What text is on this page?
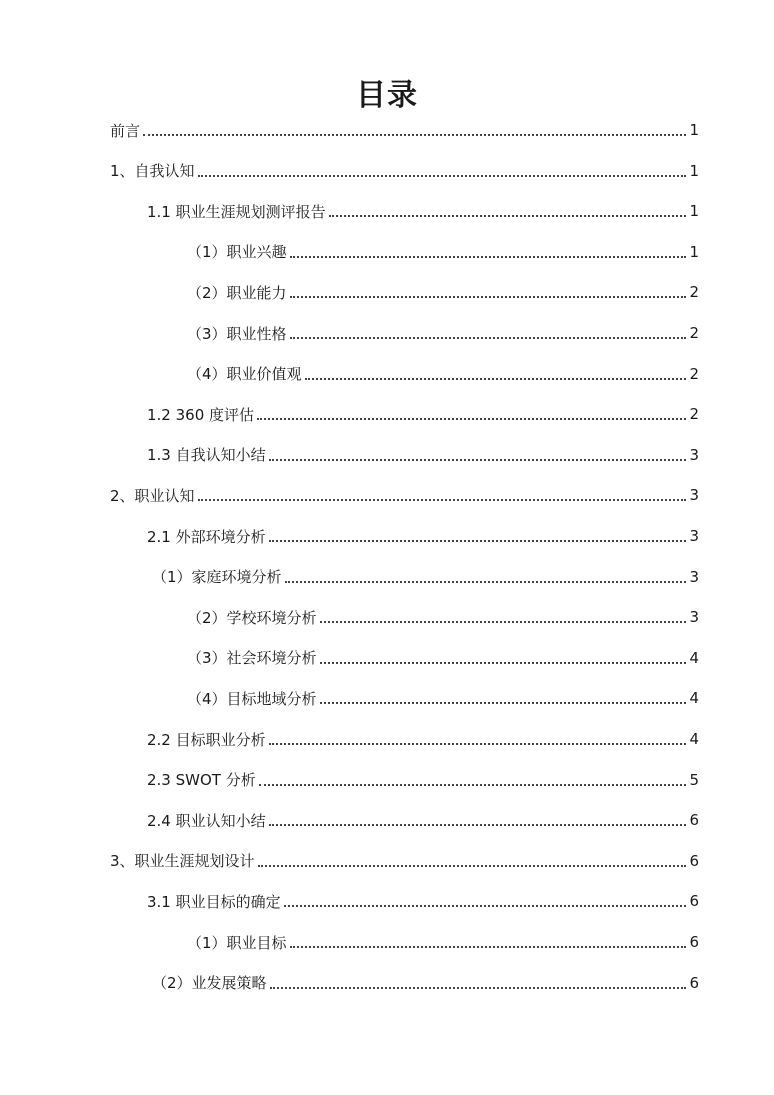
目录
前言	1
1、自我认知	1
1.1 职业生涯规划测评报告	1
（1）职业兴趣	1
（2）职业能力	2
（3）职业性格	2
（4）职业价值观	2
1.2 360 度评估	2
1.3 自我认知小结	3
2、职业认知	3
2.1 外部环境分析	3
（1）家庭环境分析	3
（2）学校环境分析	3
（3）社会环境分析	4
（4）目标地域分析	4
2.2 目标职业分析	4
2.3 SWOT 分析	5
2.4 职业认知小结	6
3、职业生涯规划设计	6
3.1 职业目标的确定	6
（1）职业目标	6
（2）业发展策略	6
